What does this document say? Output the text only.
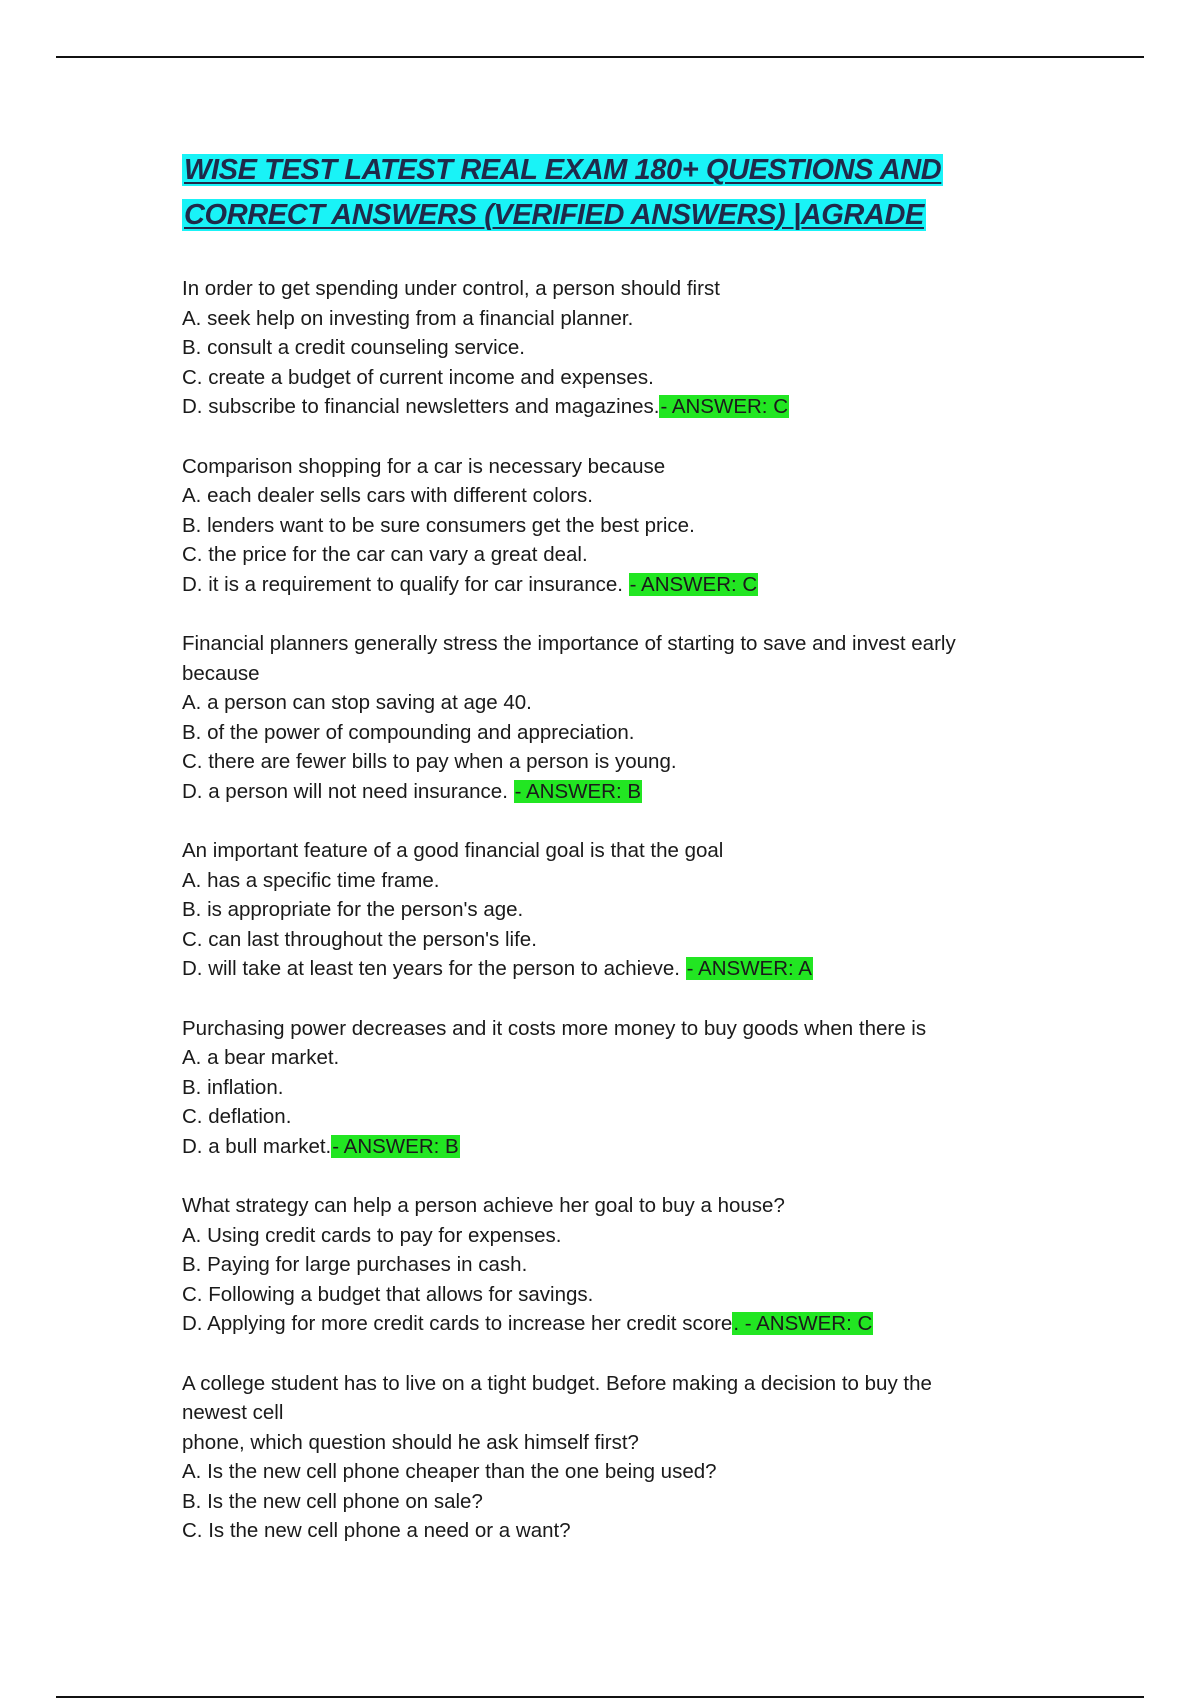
WISE TEST LATEST REAL EXAM 180+ QUESTIONS AND
CORRECT ANSWERS (VERIFIED ANSWERS) |AGRADE

In order to get spending under control, a person should first

A. seek help on investing from a financial planner.

B. consult a credit counseling service.

C. create a budget of current income and expenses.

D. subscribe to financial newsletters and magazines.- ANSWER: C

Comparison shopping for a car is necessary because

A. each dealer sells cars with different colors.

B. lenders want to be sure consumers get the best price.

C. the price for the car can vary a great deal.

D. it is a requirement to qualify for car insurance. - ANSWER: C

Financial planners generally stress the importance of starting to save and invest early

because

A. a person can stop saving at age 40.

B. of the power of compounding and appreciation.

C. there are fewer bills to pay when a person is young.

D. a person will not need insurance. - ANSWER: B

An important feature of a good financial goal is that the goal

A. has a specific time frame.

B. is appropriate for the person's age.

C. can last throughout the person's life.

D. will take at least ten years for the person to achieve. - ANSWER: A

Purchasing power decreases and it costs more money to buy goods when there is

A. a bear market.

B. inflation.

C. deflation.

D. a bull market.- ANSWER: B

What strategy can help a person achieve her goal to buy a house?

A. Using credit cards to pay for expenses.

B. Paying for large purchases in cash.

C. Following a budget that allows for savings.

D. Applying for more credit cards to increase her credit score. - ANSWER: C

A college student has to live on a tight budget. Before making a decision to buy the

newest cell

phone, which question should he ask himself first?

A. Is the new cell phone cheaper than the one being used?

B. Is the new cell phone on sale?

C. Is the new cell phone a need or a want?
